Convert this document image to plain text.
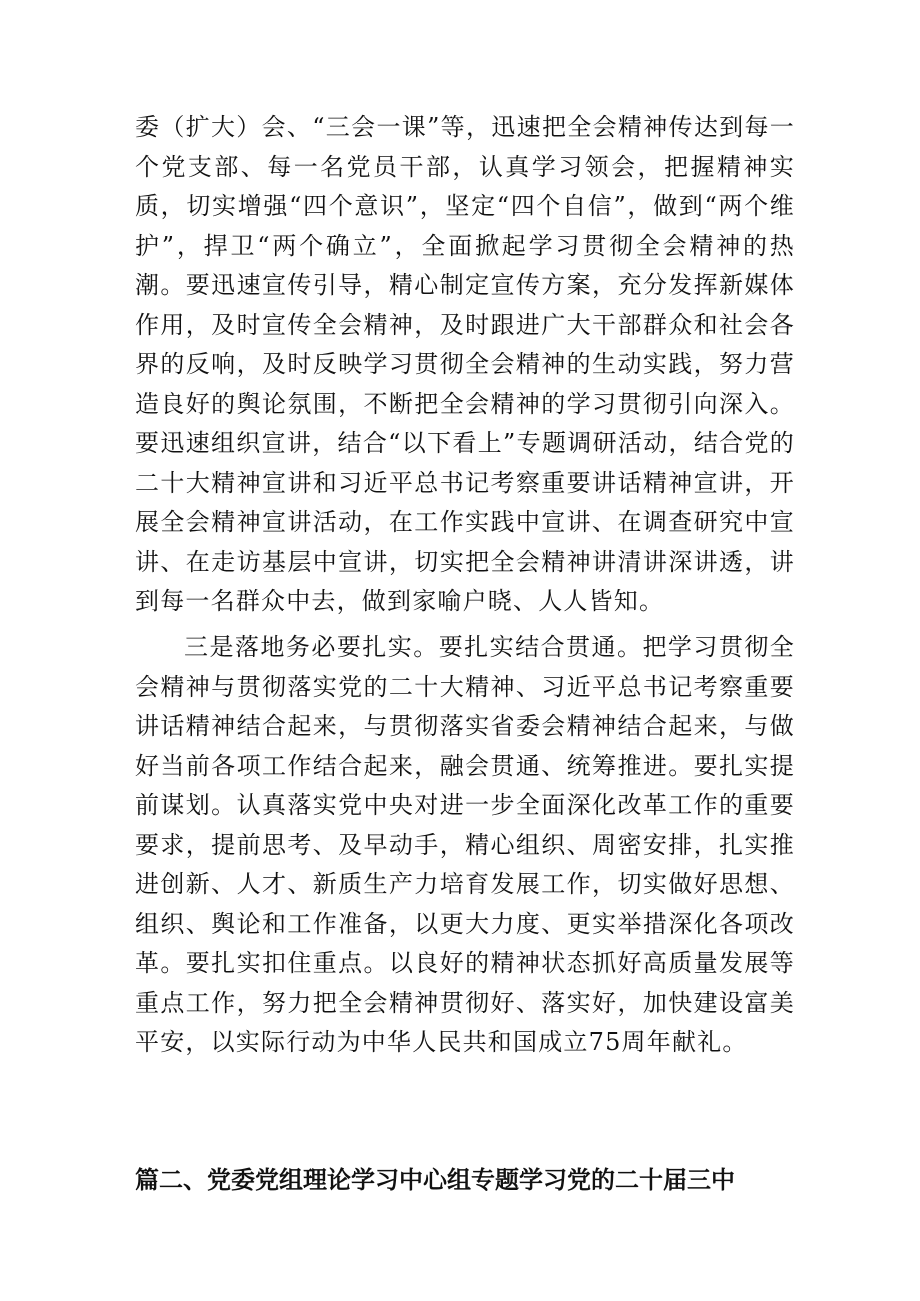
委（扩大）会、“三会一课”等，迅速把全会精神传达到每一个党支部、每一名党员干部，认真学习领会，把握精神实质，切实增强“四个意识”，坚定“四个自信”，做到“两个维护”，捍卫“两个确立”，全面掀起学习贯彻全会精神的热潮。要迅速宣传引导，精心制定宣传方案，充分发挥新媒体作用，及时宣传全会精神，及时跟进广大干部群众和社会各界的反响，及时反映学习贯彻全会精神的生动实践，努力营造良好的舆论氛围，不断把全会精神的学习贯彻引向深入。要迅速组织宣讲，结合“以下看上”专题调研活动，结合党的二十大精神宣讲和习近平总书记考察重要讲话精神宣讲，开展全会精神宣讲活动，在工作实践中宣讲、在调查研究中宣讲、在走访基层中宣讲，切实把全会精神讲清讲深讲透，讲到每一名群众中去，做到家喻户晓、人人皆知。

三是落地务必要扎实。要扎实结合贯通。把学习贯彻全会精神与贯彻落实党的二十大精神、习近平总书记考察重要讲话精神结合起来，与贯彻落实省委会精神结合起来，与做好当前各项工作结合起来，融会贯通、统筹推进。要扎实提前谋划。认真落实党中央对进一步全面深化改革工作的重要要求，提前思考、及早动手，精心组织、周密安排，扎实推进创新、人才、新质生产力培育发展工作，切实做好思想、组织、舆论和工作准备，以更大力度、更实举措深化各项改革。要扎实扣住重点。以良好的精神状态抓好高质量发展等重点工作，努力把全会精神贯彻好、落实好，加快建设富美平安，以实际行动为中华人民共和国成立75周年献礼。

篇二、党委党组理论学习中心组专题学习党的二十届三中
